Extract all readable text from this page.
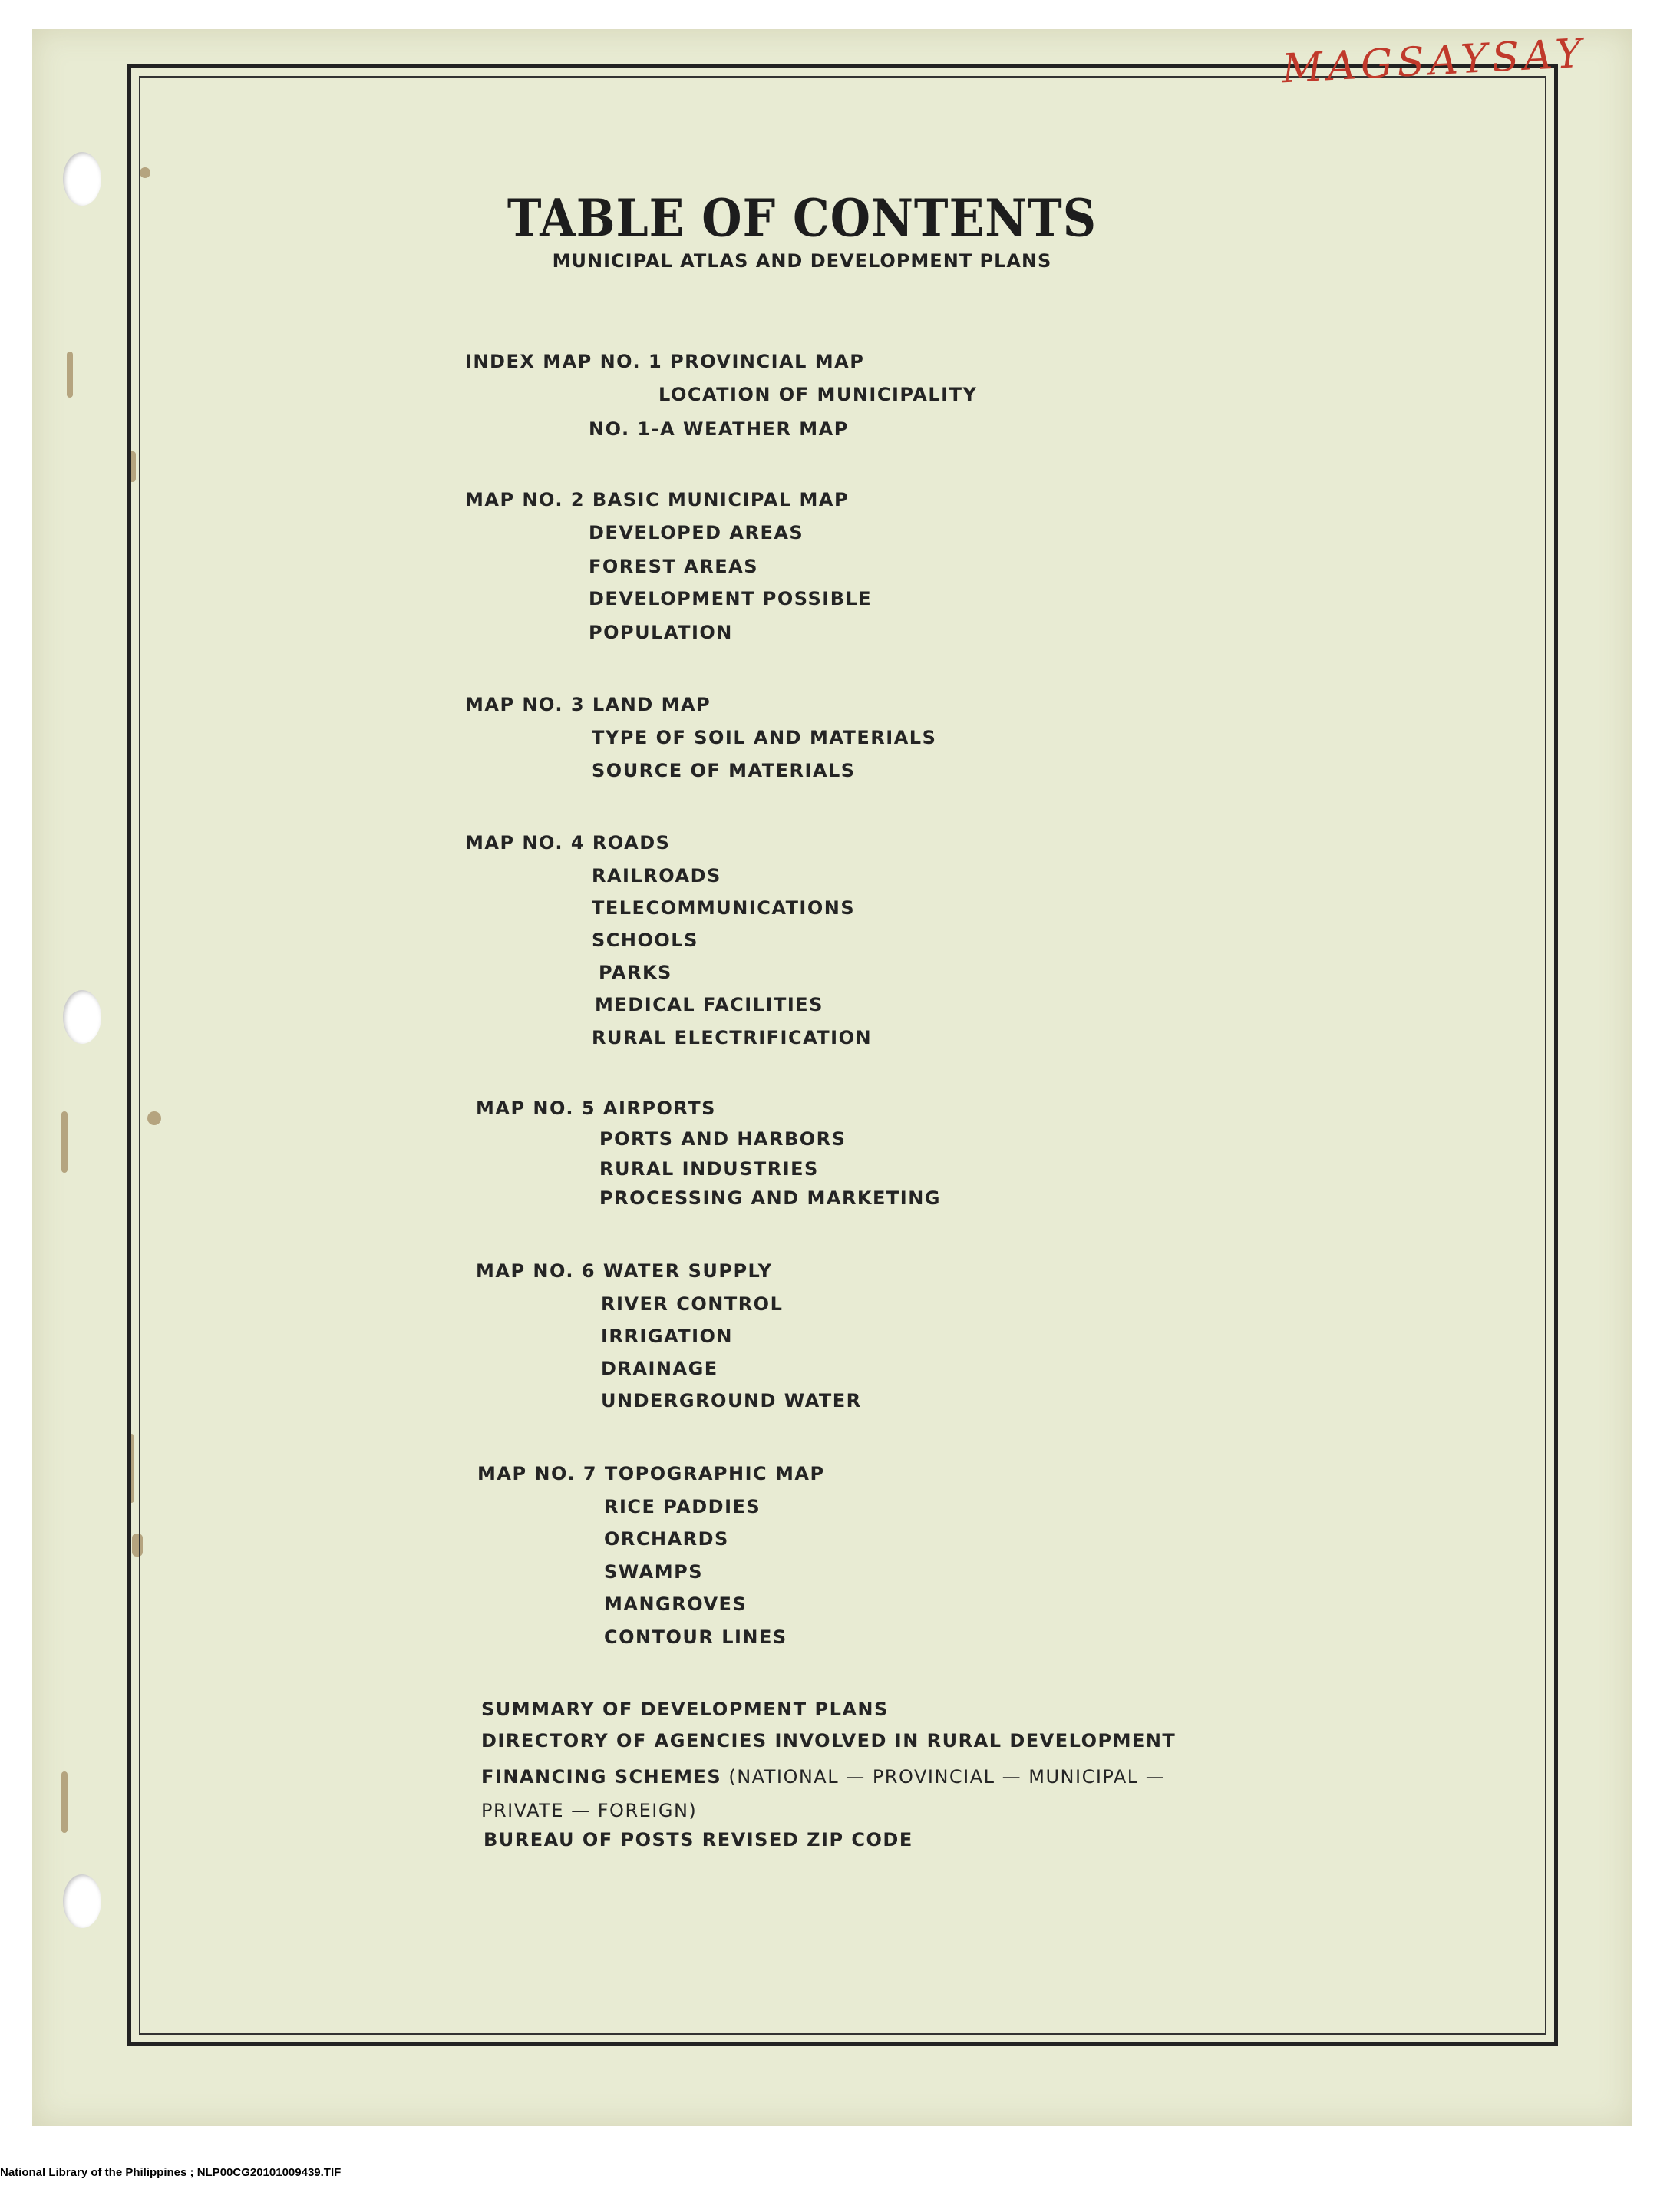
MAGSAYSAY
TABLE OF CONTENTS
MUNICIPAL ATLAS AND DEVELOPMENT PLANS
INDEX MAP NO. 1 PROVINCIAL MAP
LOCATION OF MUNICIPALITY
NO. 1-A WEATHER MAP
MAP NO. 2 BASIC MUNICIPAL MAP
DEVELOPED AREAS
FOREST AREAS
DEVELOPMENT POSSIBLE
POPULATION
MAP NO. 3 LAND MAP
TYPE OF SOIL AND MATERIALS
SOURCE OF MATERIALS
MAP NO. 4 ROADS
RAILROADS
TELECOMMUNICATIONS
SCHOOLS
PARKS
MEDICAL FACILITIES
RURAL ELECTRIFICATION
MAP NO. 5 AIRPORTS
PORTS AND HARBORS
RURAL INDUSTRIES
PROCESSING AND MARKETING
MAP NO. 6 WATER SUPPLY
RIVER CONTROL
IRRIGATION
DRAINAGE
UNDERGROUND WATER
MAP NO. 7 TOPOGRAPHIC MAP
RICE PADDIES
ORCHARDS
SWAMPS
MANGROVES
CONTOUR LINES
SUMMARY OF DEVELOPMENT PLANS
DIRECTORY OF AGENCIES INVOLVED IN RURAL DEVELOPMENT
FINANCING SCHEMES (NATIONAL — PROVINCIAL — MUNICIPAL —
PRIVATE — FOREIGN)
BUREAU OF POSTS REVISED ZIP CODE
National Library of the Philippines ; NLP00CG20101009439.TIF
